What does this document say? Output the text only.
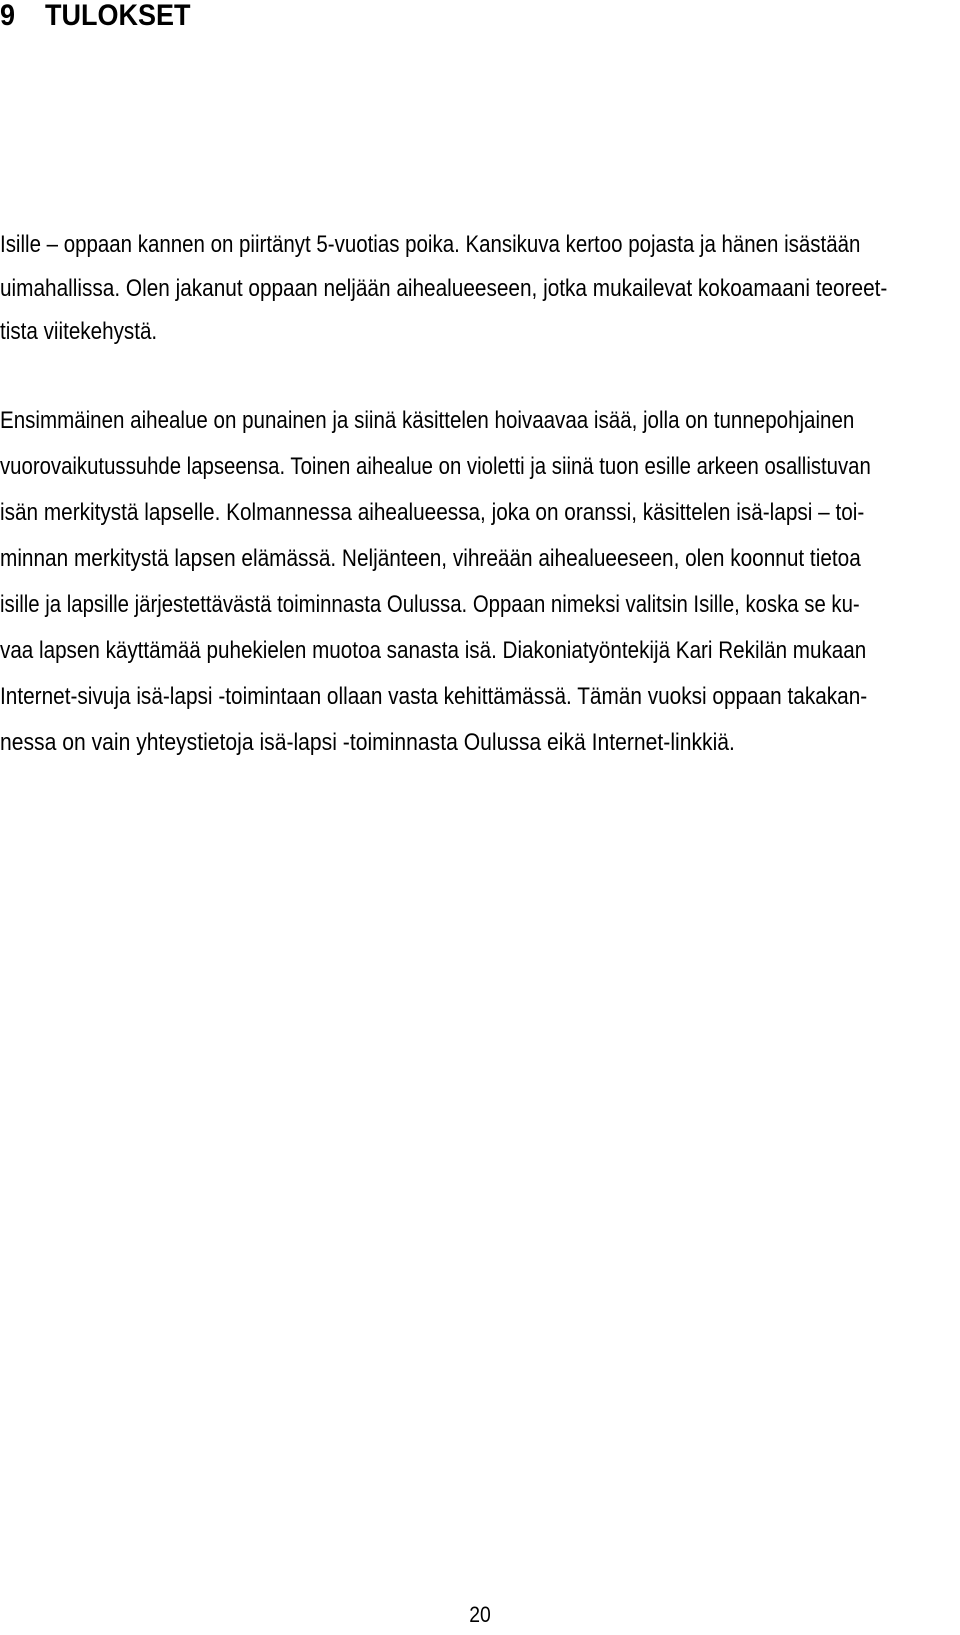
9 TULOKSET
Isille – oppaan kannen on piirtänyt 5-vuotias poika. Kansikuva kertoo pojasta ja hänen isästään
uimahallissa. Olen jakanut oppaan neljään aihealueeseen, jotka mukailevat kokoamaani teoreet-
tista viitekehystä.
Ensimmäinen aihealue on punainen ja siinä käsittelen hoivaavaa isää, jolla on tunnepohjainen
vuorovaikutussuhde lapseensa. Toinen aihealue on violetti ja siinä tuon esille arkeen osallistuvan
isän merkitystä lapselle. Kolmannessa aihealueessa, joka on oranssi, käsittelen isä-lapsi – toi-
minnan merkitystä lapsen elämässä. Neljänteen, vihreään aihealueeseen, olen koonnut tietoa
isille ja lapsille järjestettävästä toiminnasta Oulussa. Oppaan nimeksi valitsin Isille, koska se ku-
vaa lapsen käyttämää puhekielen muotoa sanasta isä. Diakoniatyöntekijä Kari Rekilän mukaan
Internet-sivuja isä-lapsi -toimintaan ollaan vasta kehittämässä. Tämän vuoksi oppaan takakan-
nessa on vain yhteystietoja isä-lapsi -toiminnasta Oulussa eikä Internet-linkkiä.
20
